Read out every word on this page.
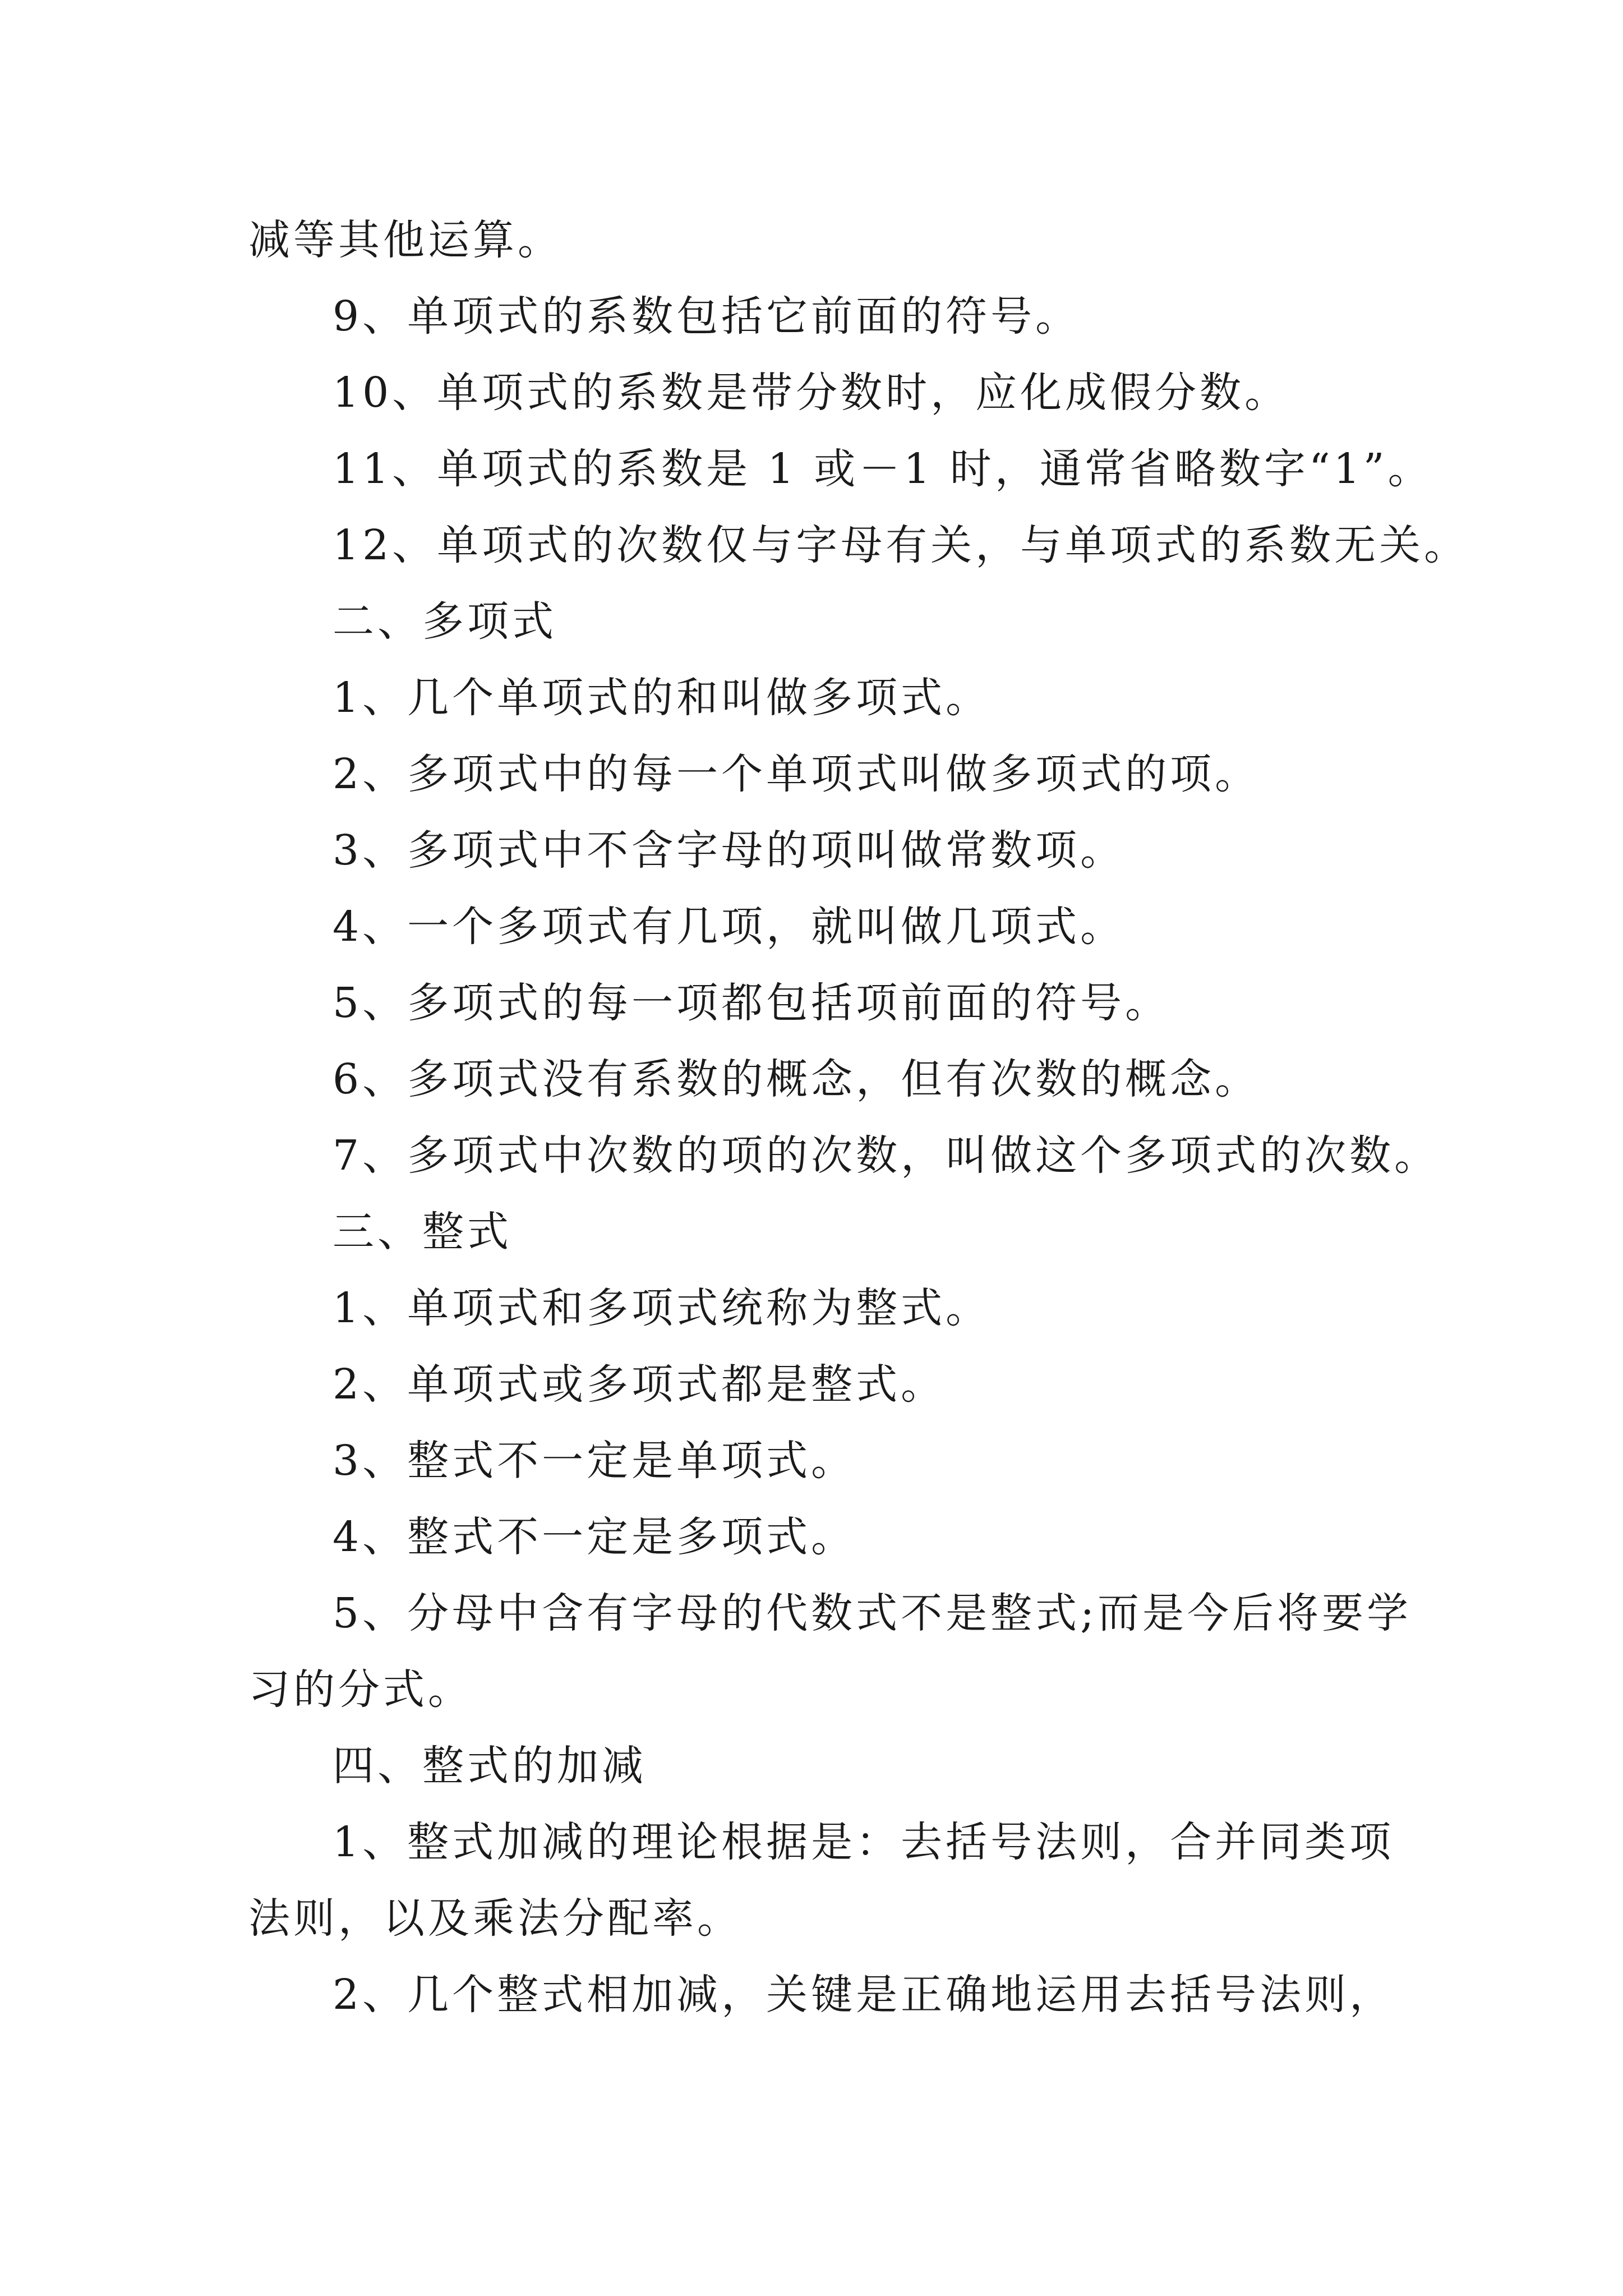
减等其他运算。
9、单项式的系数包括它前面的符号。
10、单项式的系数是带分数时，应化成假分数。
11、单项式的系数是 1 或－1 时，通常省略数字“1”。
12、单项式的次数仅与字母有关，与单项式的系数无关。
二、多项式
1、几个单项式的和叫做多项式。
2、多项式中的每一个单项式叫做多项式的项。
3、多项式中不含字母的项叫做常数项。
4、一个多项式有几项，就叫做几项式。
5、多项式的每一项都包括项前面的符号。
6、多项式没有系数的概念，但有次数的概念。
7、多项式中次数的项的次数，叫做这个多项式的次数。
三、整式
1、单项式和多项式统称为整式。
2、单项式或多项式都是整式。
3、整式不一定是单项式。
4、整式不一定是多项式。
5、分母中含有字母的代数式不是整式;而是今后将要学
习的分式。
四、整式的加减
1、整式加减的理论根据是：去括号法则，合并同类项
法则，以及乘法分配率。
2、几个整式相加减，关键是正确地运用去括号法则，
